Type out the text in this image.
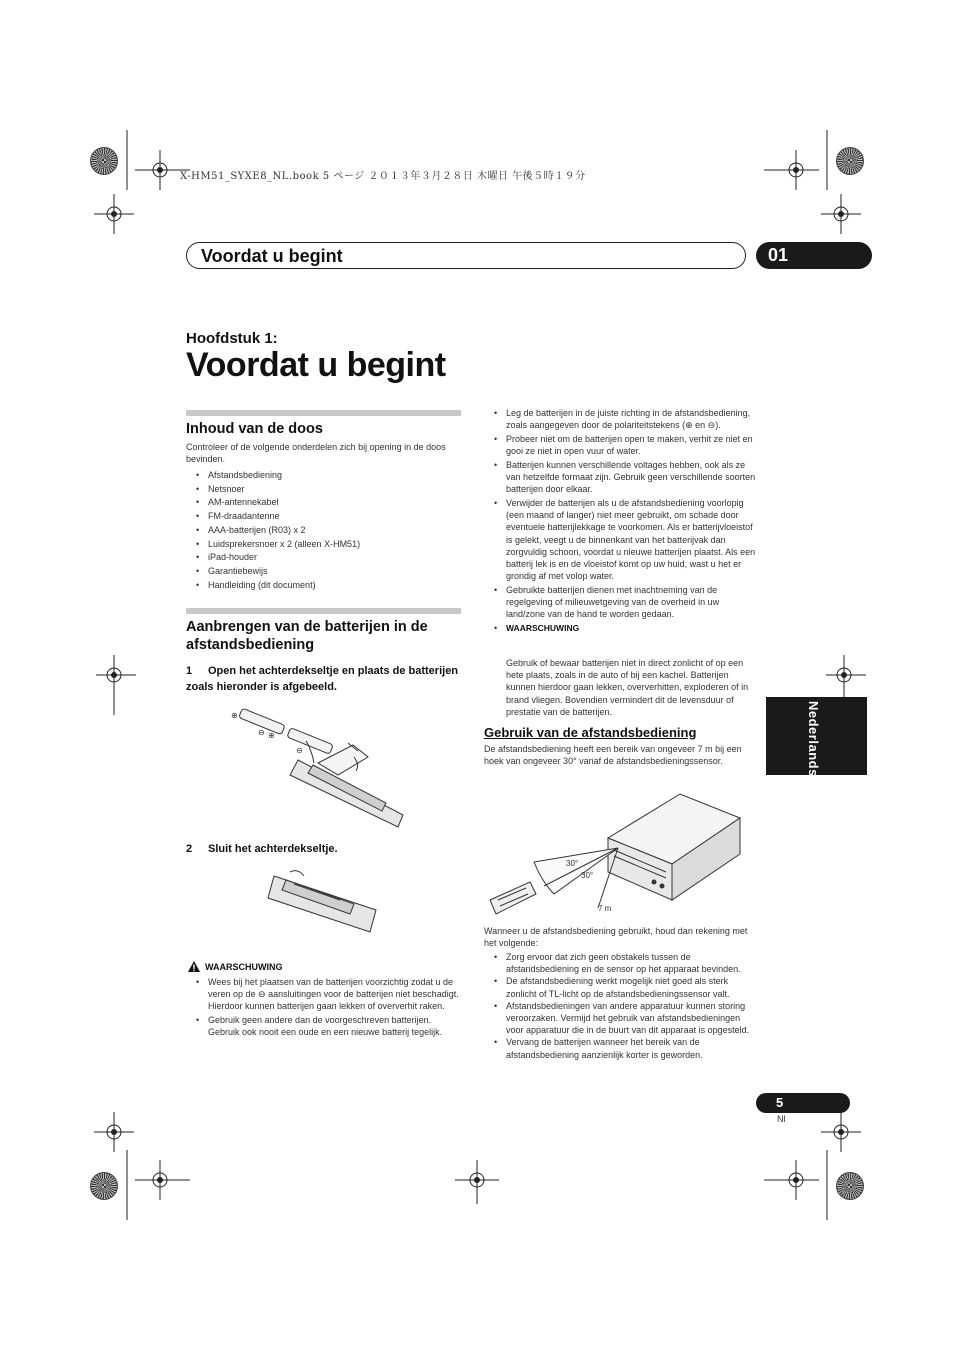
X-HM51_SYXE8_NL.book 5 ページ ２０１３年３月２８日 木曜日 午後５時１９分
Voordat u begint	01
Hoofdstuk 1:
Voordat u begint
Inhoud van de doos
Controleer of de volgende onderdelen zich bij opening in de doos bevinden.
• Afstandsbediening
• Netsnoer
• AM-antennekabel
• FM-draadantenne
• AAA-batterijen (R03) x 2
• Luidsprekersnoer x 2 (alleen X-HM51)
• iPad-houder
• Garantiebewijs
• Handleiding (dit document)
Aanbrengen van de batterijen in de afstandsbediening
1	Open het achterdekseltje en plaats de batterijen zoals hieronder is afgebeeld.
⊕
⊖ ⊕
⊖
2 Sluit het achterdekseltje.
WAARSCHUWING
• Wees bij het plaatsen van de batterijen voorzichtig zodat u de veren op de ⊖ aansluitingen voor de batterijen niet beschadigt. Hierdoor kunnen batterijen gaan lekken of oververhit raken.
• Gebruik geen andere dan de voorgeschreven batterijen. Gebruik ook nooit een oude en een nieuwe batterij tegelijk.
• Leg de batterijen in de juiste richting in de afstandsbediening, zoals aangegeven door de polariteitstekens (⊕ en ⊖).
• Probeer niet om de batterijen open te maken, verhit ze niet en gooi ze niet in open vuur of water.
• Batterijen kunnen verschillende voltages hebben, ook als ze van hetzelfde formaat zijn. Gebruik geen verschillende soorten batterijen door elkaar.
• Verwijder de batterijen als u de afstandsbediening voorlopig (een maand of langer) niet meer gebruikt, om schade door eventuele batterijlekkage te voorkomen. Als er batterijvloeistof is gelekt, veegt u de binnenkant van het batterijvak dan zorgvuldig schoon, voordat u nieuwe batterijen plaatst. Als een batterij lek is en de vloeistof komt op uw huid, wast u het er grondig af met volop water.
• Gebruikte batterijen dienen met inachtneming van de regelgeving of milieuwetgeving van de overheid in uw land/zone van de hand te worden gedaan.
• WAARSCHUWING
Gebruik of bewaar batterijen niet in direct zonlicht of op een hete plaats, zoals in de auto of bij een kachel. Batterijen kunnen hierdoor gaan lekken, oververhitten, exploderen of in brand vliegen. Bovendien vermindert dit de levensduur of prestatie van de batterijen.
Gebruik van de afstandsbediening
De afstandsbediening heeft een bereik van ongeveer 7 m bij een hoek van ongeveer 30° vanaf de afstandsbedieningssensor.
30°
30°
7 m
Wanneer u de afstandsbediening gebruikt, houd dan rekening met het volgende:
• Zorg ervoor dat zich geen obstakels tussen de afstandsbediening en de sensor op het apparaat bevinden.
• De afstandsbediening werkt mogelijk niet goed als sterk zonlicht of TL-licht op de afstandsbedieningssensor valt.
• Afstandsbedieningen van andere apparatuur kunnen storing veroorzaken. Vermijd het gebruik van afstandsbedieningen voor apparatuur die in de buurt van dit apparaat is opgesteld.
• Vervang de batterijen wanneer het bereik van de afstandsbediening aanzienlijk korter is geworden.
Nederlands
5
Nl
